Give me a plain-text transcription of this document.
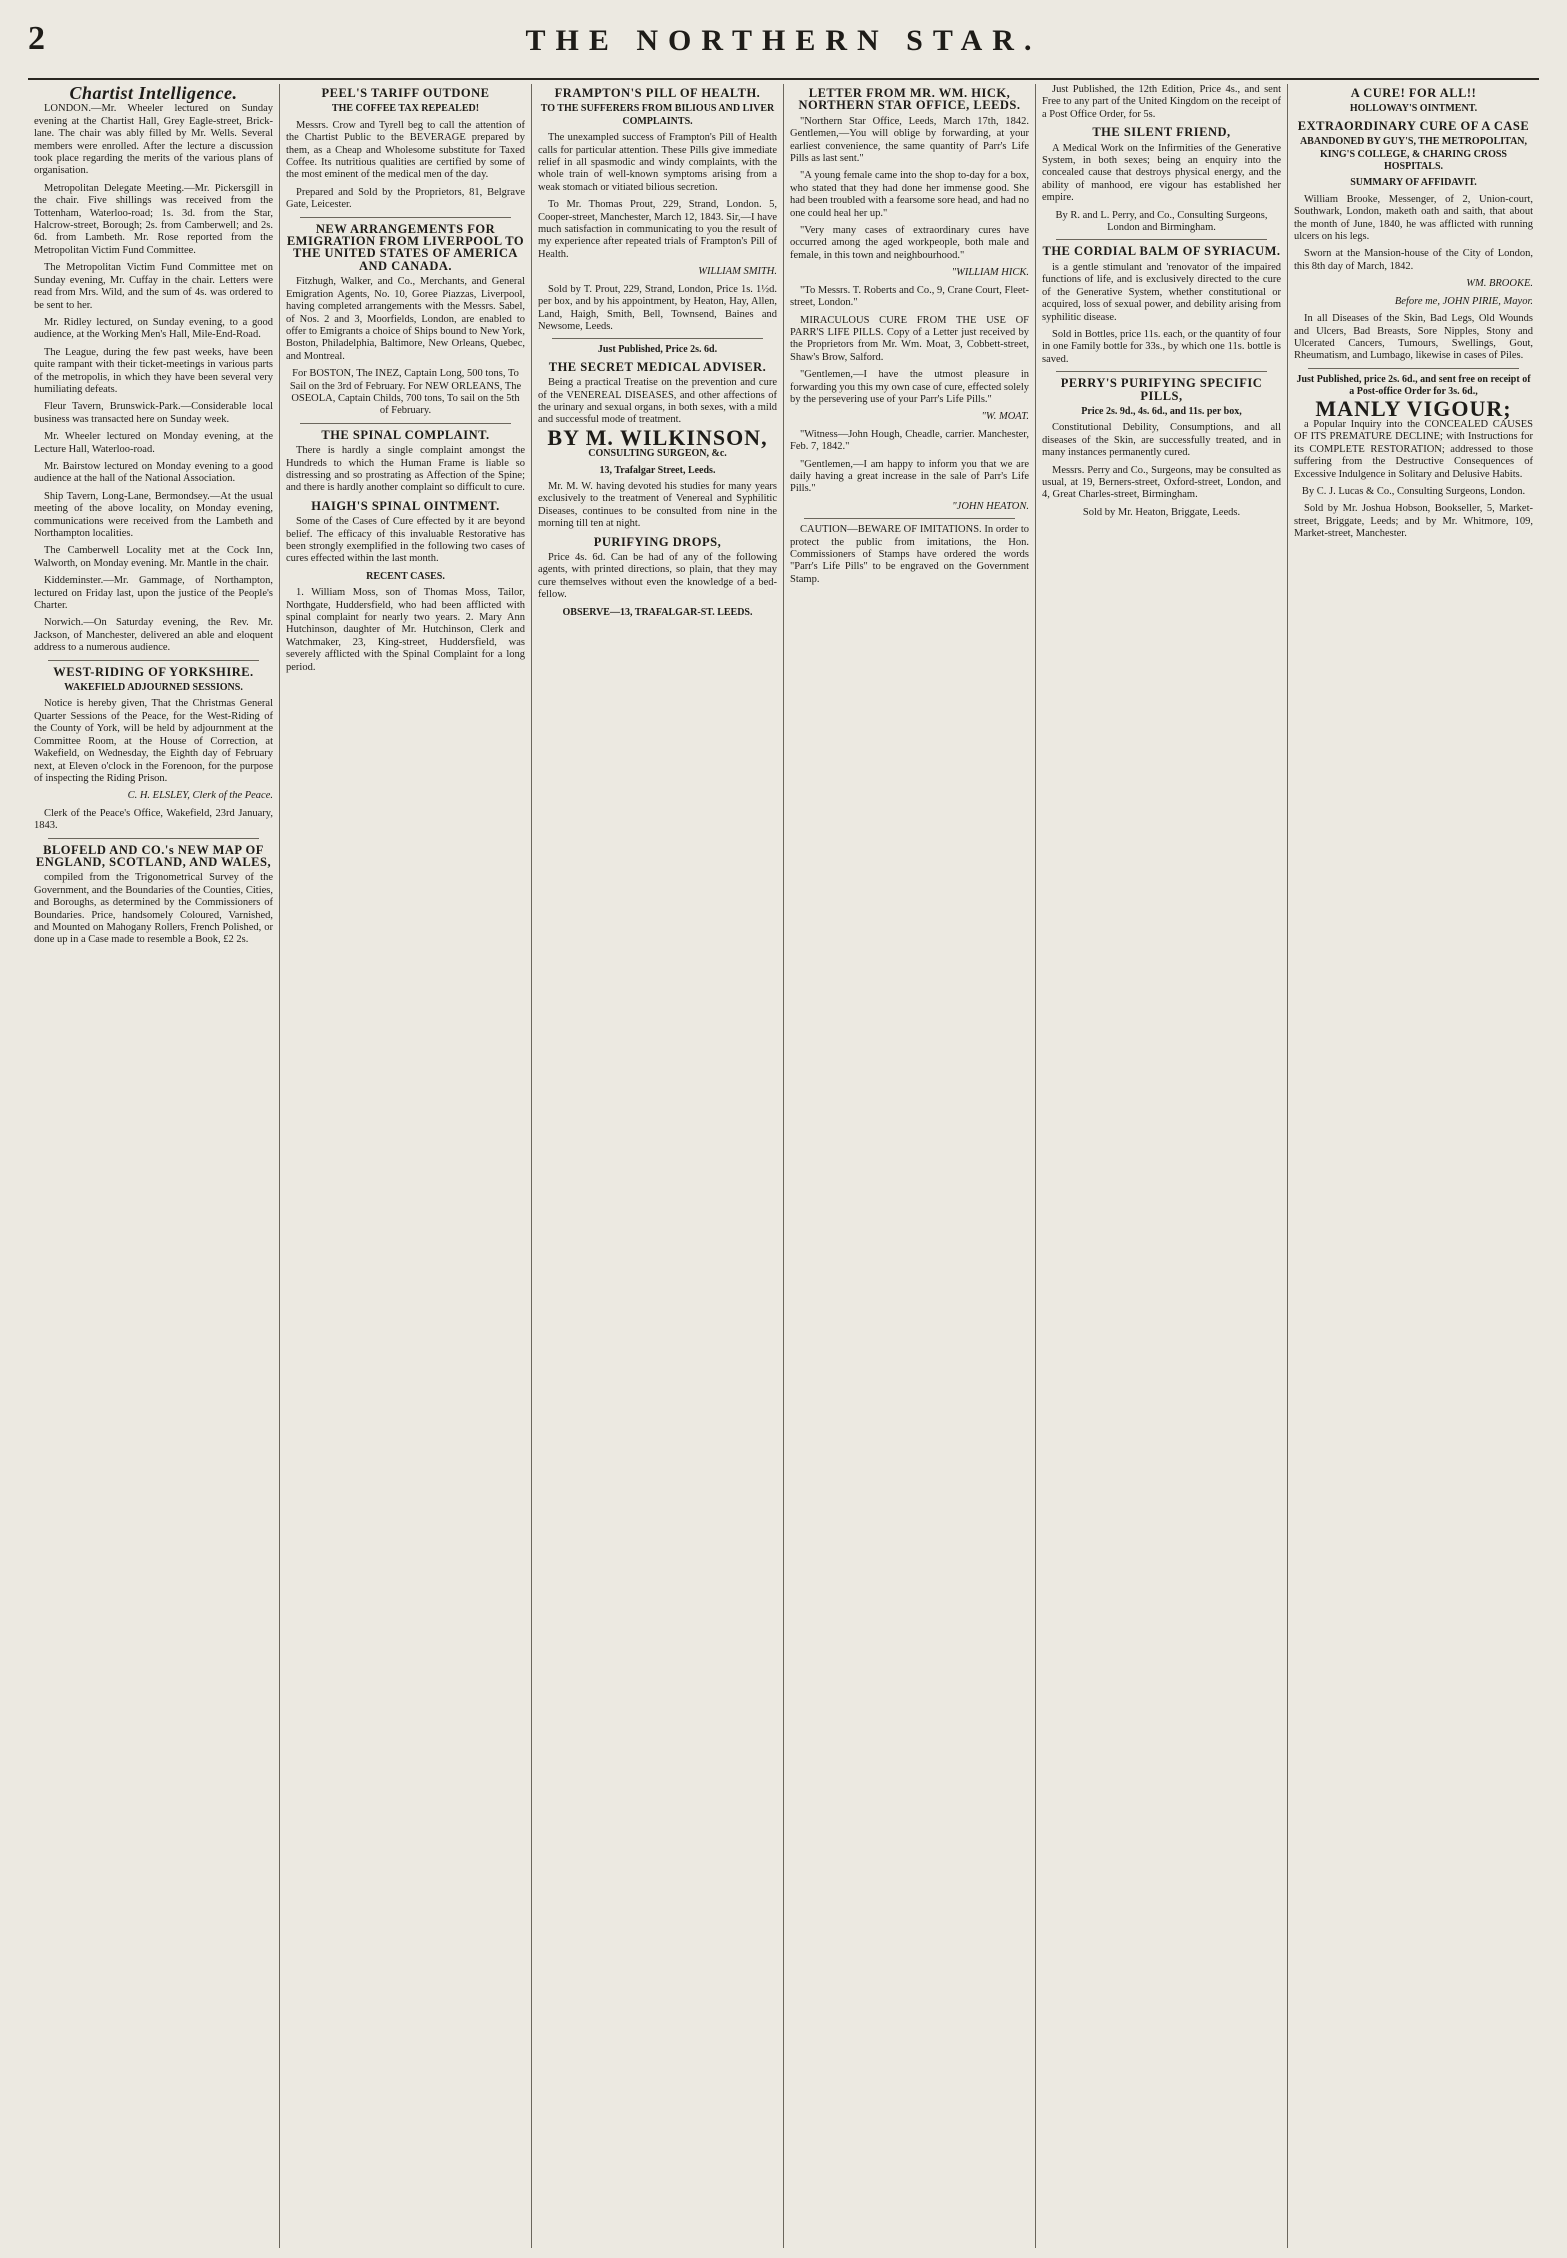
2	THE NORTHERN STAR.
Chartist Intelligence.

LONDON.—Mr. Wheeler lectured on Sunday evening at the Chartist Hall, Grey Eagle-street, Brick-lane. The chair was ably filled by Mr. Wells. Several members were enrolled. After the lecture a discussion took place regarding the merits of the various plans of organisation.

Metropolitan Delegate Meeting.—Mr. Pickersgill in the chair. Five shillings was received from the Tottenham, Waterloo-road; 1s. 3d. from the Star, Halcrow-street, Borough; 2s. from Camberwell; and 2s. 6d. from Lambeth. Mr. Rose reported from the Metropolitan Victim Fund Committee.

The Metropolitan Victim Fund Committee met on Sunday evening, Mr. Cuffay in the chair. Letters were read from Mrs. Wild, and the sum of 4s. was ordered to be sent to her.

Mr. Ridley lectured, on Sunday evening, to a good audience, at the Working Men's Hall, Mile-End-Road.

The League, during the few past weeks, have been quite rampant with their ticket-meetings in various parts of the metropolis, in which they have been several very humiliating defeats.

Fleur Tavern, Brunswick-Park.—Considerable local business was transacted here on Sunday week.

Mr. Wheeler lectured on Monday evening, at the Lecture Hall, Waterloo-road.

Mr. Bairstow lectured on Monday evening to a good audience at the hall of the National Association.

Ship Tavern, Long-Lane, Bermondsey.—At the usual meeting of the above locality, on Monday evening, communications were received from the Lambeth and Northampton localities.

The Camberwell Locality met at the Cock Inn, Walworth, on Monday evening. Mr. Mantle in the chair.

Kiddeminster.—Mr. Gammage, of Northampton, lectured on Friday last, upon the justice of the People's Charter.

Norwich.—On Saturday evening, the Rev. Mr. Jackson, of Manchester, delivered an able and eloquent address to a numerous audience.

WEST-RIDING OF YORKSHIRE.
WAKEFIELD ADJOURNED SESSIONS.

Notice is hereby given, That the Christmas General Quarter Sessions of the Peace, for the West-Riding of the County of York, will be held by adjournment at the Committee Room, at the House of Correction, at Wakefield, on Wednesday, the Eighth day of February next, at Eleven o'clock in the Forenoon, for the purpose of inspecting the Riding Prison.

C. H. ELSLEY, Clerk of the Peace.

Clerk of the Peace's Office, Wakefield, 23rd January, 1843.

BLOFELD AND CO.'s NEW MAP OF ENGLAND, SCOTLAND, AND WALES,

compiled from the Trigonometrical Survey of the Government, and the Boundaries of the Counties, Cities, and Boroughs, as determined by the Commissioners of Boundaries. Price, handsomely Coloured, Varnished, and Mounted on Mahogany Rollers, French Polished, or done up in a Case made to resemble a Book, £2 2s.

PEEL'S TARIFF OUTDONE
THE COFFEE TAX REPEALED!

Messrs. Crow and Tyrell beg to call the attention of the Chartist Public to the BEVERAGE prepared by them, as a Cheap and Wholesome substitute for Taxed Coffee. Its nutritious qualities are certified by some of the most eminent of the medical men of the day.

Prepared and Sold by the Proprietors, 81, Belgrave Gate, Leicester.

NEW ARRANGEMENTS FOR EMIGRATION FROM LIVERPOOL TO THE UNITED STATES OF AMERICA AND CANADA.

Fitzhugh, Walker, and Co., Merchants, and General Emigration Agents, No. 10, Goree Piazzas, Liverpool, having completed arrangements with the Messrs. Sabel, of Nos. 2 and 3, Moorfields, London, are enabled to offer to Emigrants a choice of Ships bound to New York, Boston, Philadelphia, Baltimore, New Orleans, Quebec, and Montreal.

For BOSTON, The INEZ, Captain Long, 500 tons, To Sail on the 3rd of February. For NEW ORLEANS, The OSEOLA, Captain Childs, 700 tons, To sail on the 5th of February.

THE SPINAL COMPLAINT.

There is hardly a single complaint amongst the Hundreds to which the Human Frame is liable so distressing and so prostrating as Affection of the Spine; and there is hardly another complaint so difficult to cure.

HAIGH'S SPINAL OINTMENT.

Some of the Cases of Cure effected by it are beyond belief. The efficacy of this invaluable Restorative has been strongly exemplified in the following two cases of cures effected within the last month.

RECENT CASES.

1. William Moss, son of Thomas Moss, Tailor, Northgate, Huddersfield, who had been afflicted with spinal complaint for nearly two years. 2. Mary Ann Hutchinson, daughter of Mr. Hutchinson, Clerk and Watchmaker, 23, King-street, Huddersfield, was severely afflicted with the Spinal Complaint for a long period.

FRAMPTON'S PILL OF HEALTH.
TO THE SUFFERERS FROM BILIOUS AND LIVER COMPLAINTS.

The unexampled success of Frampton's Pill of Health calls for particular attention. These Pills give immediate relief in all spasmodic and windy complaints, with the whole train of well-known symptoms arising from a weak stomach or vitiated bilious secretion.

To Mr. Thomas Prout, 229, Strand, London. 5, Cooper-street, Manchester, March 12, 1843. Sir,—I have much satisfaction in communicating to you the result of my experience after repeated trials of Frampton's Pill of Health.

WILLIAM SMITH.

Sold by T. Prout, 229, Strand, London, Price 1s. 1½d. per box, and by his appointment, by Heaton, Hay, Allen, Land, Haigh, Smith, Bell, Townsend, Baines and Newsome, Leeds.

Just Published, Price 2s. 6d.
THE SECRET MEDICAL ADVISER.

Being a practical Treatise on the prevention and cure of the VENEREAL DISEASES, and other affections of the urinary and sexual organs, in both sexes, with a mild and successful mode of treatment.

BY M. WILKINSON,
CONSULTING SURGEON, &c.
13, Trafalgar Street, Leeds.

Mr. M. W. having devoted his studies for many years exclusively to the treatment of Venereal and Syphilitic Diseases, continues to be consulted from nine in the morning till ten at night.

PURIFYING DROPS,

Price 4s. 6d. Can be had of any of the following agents, with printed directions, so plain, that they may cure themselves without even the knowledge of a bed-fellow.

OBSERVE—13, TRAFALGAR-ST. LEEDS.
LETTER FROM MR. WM. HICK, NORTHERN STAR OFFICE, LEEDS.

"Northern Star Office, Leeds, March 17th, 1842. Gentlemen,—You will oblige by forwarding, at your earliest convenience, the same quantity of Parr's Life Pills as last sent."

"A young female came into the shop to-day for a box, who stated that they had done her immense good. She had been troubled with a fearsome sore head, and had no one could heal her up."

"Very many cases of extraordinary cures have occurred among the aged workpeople, both male and female, in this town and neighbourhood."

"WILLIAM HICK.

"To Messrs. T. Roberts and Co., 9, Crane Court, Fleet-street, London."

MIRACULOUS CURE FROM THE USE OF PARR'S LIFE PILLS. Copy of a Letter just received by the Proprietors from Mr. Wm. Moat, 3, Cobbett-street, Shaw's Brow, Salford.

"Gentlemen,—I have the utmost pleasure in forwarding you this my own case of cure, effected solely by the persevering use of your Parr's Life Pills."

"W. MOAT.

"Witness—John Hough, Cheadle, carrier. Manchester, Feb. 7, 1842."

"Gentlemen,—I am happy to inform you that we are daily having a great increase in the sale of Parr's Life Pills."

"JOHN HEATON.

CAUTION—BEWARE OF IMITATIONS. In order to protect the public from imitations, the Hon. Commissioners of Stamps have ordered the words "Parr's Life Pills" to be engraved on the Government Stamp.

Just Published, the 12th Edition, Price 4s., and sent Free to any part of the United Kingdom on the receipt of a Post Office Order, for 5s.

THE SILENT FRIEND,

A Medical Work on the Infirmities of the Generative System, in both sexes; being an enquiry into the concealed cause that destroys physical energy, and the ability of manhood, ere vigour has established her empire.

By R. and L. Perry, and Co., Consulting Surgeons, London and Birmingham.

THE CORDIAL BALM OF SYRIACUM.

is a gentle stimulant and 'renovator of the impaired functions of life, and is exclusively directed to the cure of the Generative System, whether constitutional or acquired, loss of sexual power, and debility arising from syphilitic disease.

Sold in Bottles, price 11s. each, or the quantity of four in one Family bottle for 33s., by which one 11s. bottle is saved.

PERRY'S PURIFYING SPECIFIC PILLS,
Price 2s. 9d., 4s. 6d., and 11s. per box,

Constitutional Debility, Consumptions, and all diseases of the Skin, are successfully treated, and in many instances permanently cured.

Messrs. Perry and Co., Surgeons, may be consulted as usual, at 19, Berners-street, Oxford-street, London, and 4, Great Charles-street, Birmingham.

Sold by Mr. Heaton, Briggate, Leeds.

A CURE! FOR ALL!!
HOLLOWAY'S OINTMENT.
EXTRAORDINARY CURE OF A CASE
ABANDONED BY GUY'S, THE METROPOLITAN, KING'S COLLEGE, & CHARING CROSS HOSPITALS.
SUMMARY OF AFFIDAVIT.

William Brooke, Messenger, of 2, Union-court, Southwark, London, maketh oath and saith, that about the month of June, 1840, he was afflicted with running ulcers on his legs.

Sworn at the Mansion-house of the City of London, this 8th day of March, 1842.

WM. BROOKE.

Before me, JOHN PIRIE, Mayor.

In all Diseases of the Skin, Bad Legs, Old Wounds and Ulcers, Bad Breasts, Sore Nipples, Stony and Ulcerated Cancers, Tumours, Swellings, Gout, Rheumatism, and Lumbago, likewise in cases of Piles.

Just Published, price 2s. 6d., and sent free on receipt of a Post-office Order for 3s. 6d.,
MANLY VIGOUR;

a Popular Inquiry into the CONCEALED CAUSES OF ITS PREMATURE DECLINE; with Instructions for its COMPLETE RESTORATION; addressed to those suffering from the Destructive Consequences of Excessive Indulgence in Solitary and Delusive Habits.

By C. J. Lucas & Co., Consulting Surgeons, London.

Sold by Mr. Joshua Hobson, Bookseller, 5, Market-street, Briggate, Leeds; and by Mr. Whitmore, 109, Market-street, Manchester.
